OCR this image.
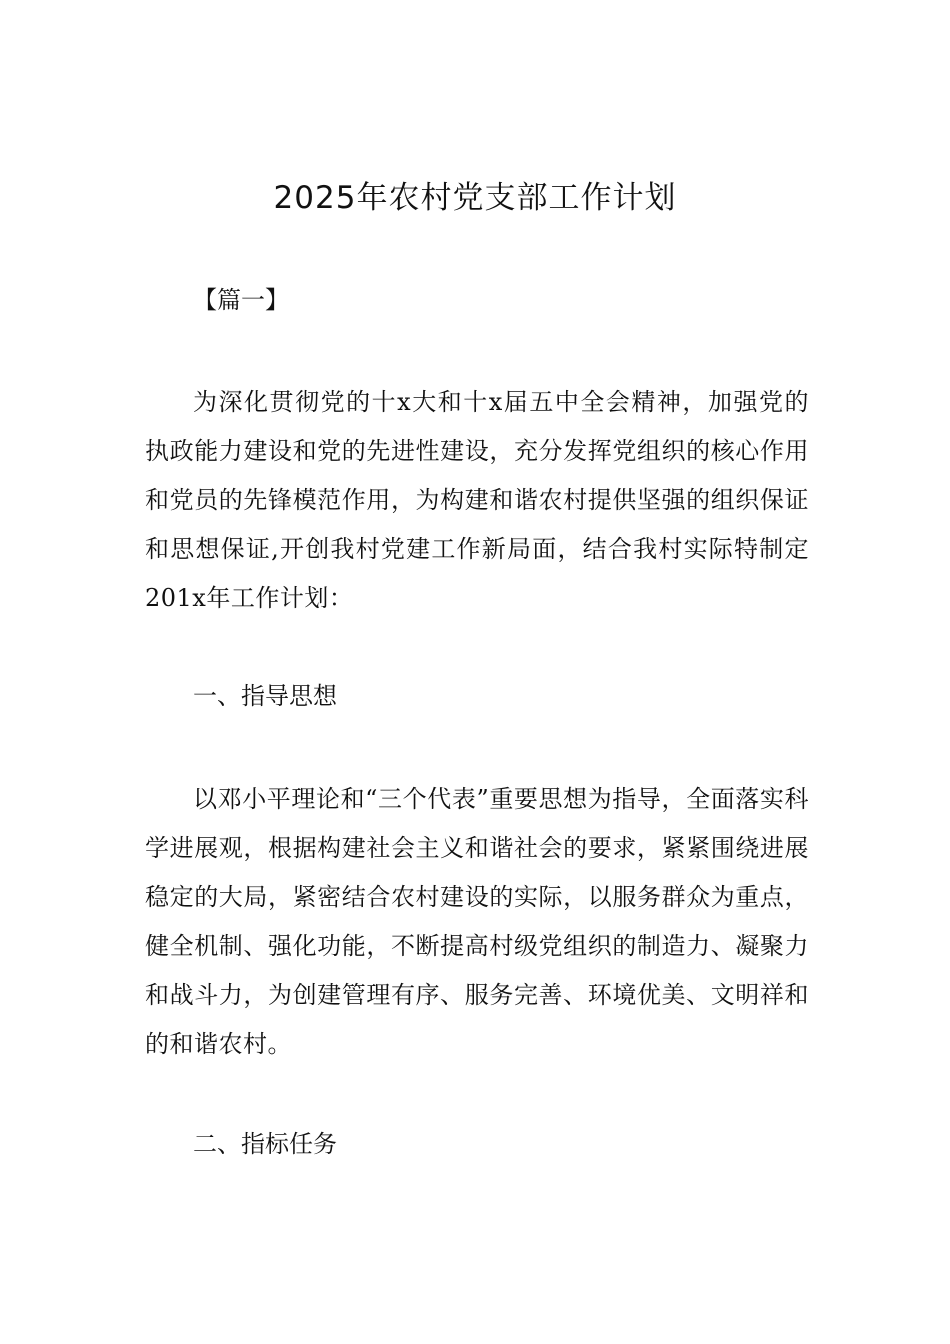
2025年农村党支部工作计划

【篇一】

为深化贯彻党的十x大和十x届五中全会精神，加强党的执政能力建设和党的先进性建设，充分发挥党组织的核心作用和党员的先锋模范作用，为构建和谐农村提供坚强的组织保证和思想保证,开创我村党建工作新局面，结合我村实际特制定201x年工作计划：

一、指导思想

以邓小平理论和“三个代表”重要思想为指导，全面落实科学进展观，根据构建社会主义和谐社会的要求，紧紧围绕进展稳定的大局，紧密结合农村建设的实际，以服务群众为重点，健全机制、强化功能，不断提高村级党组织的制造力、凝聚力和战斗力，为创建管理有序、服务完善、环境优美、文明祥和的和谐农村。

二、指标任务
